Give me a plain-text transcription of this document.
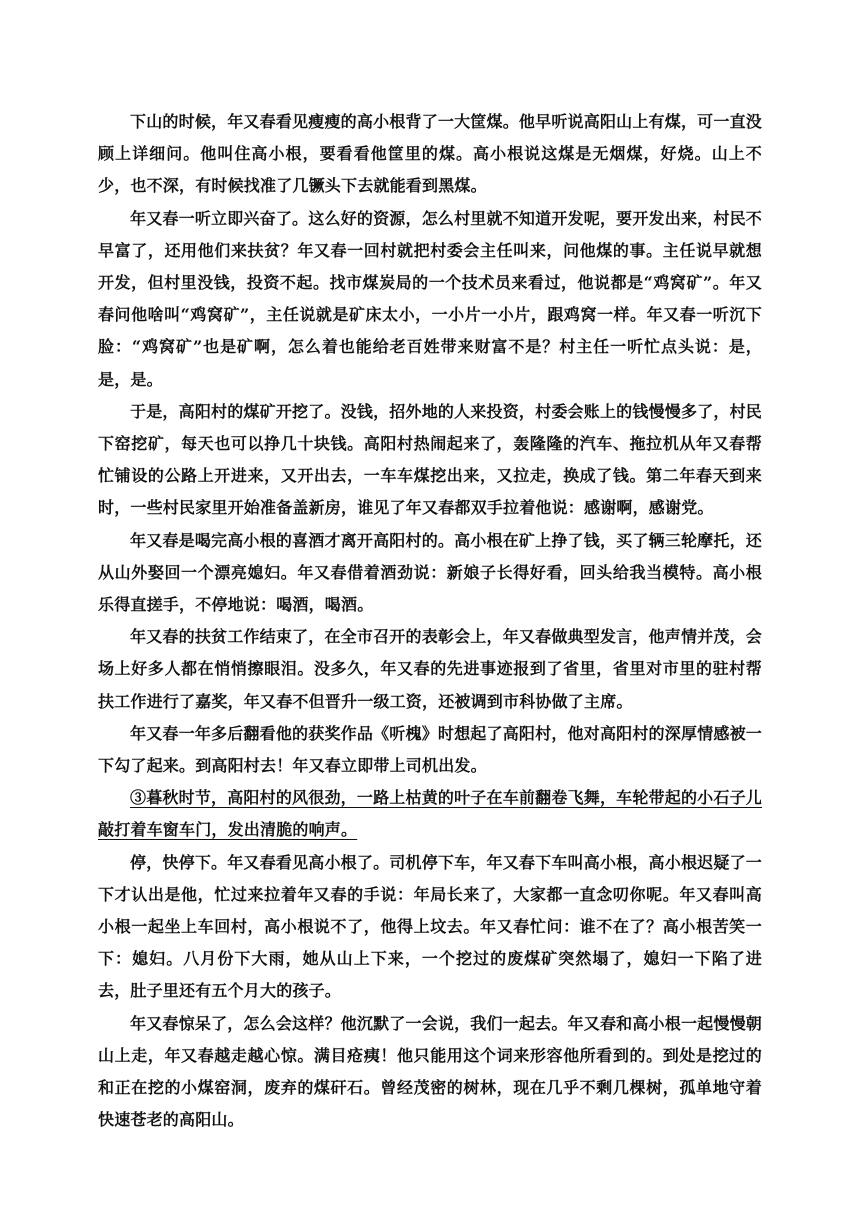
下山的时候，年又春看见瘦瘦的高小根背了一大筐煤。他早听说高阳山上有煤，可一直没顾上详细问。他叫住高小根，要看看他筐里的煤。高小根说这煤是无烟煤，好烧。山上不少，也不深，有时候找准了几镢头下去就能看到黑煤。

年又春一听立即兴奋了。这么好的资源，怎么村里就不知道开发呢，要开发出来，村民不早富了，还用他们来扶贫？年又春一回村就把村委会主任叫来，问他煤的事。主任说早就想开发，但村里没钱，投资不起。找市煤炭局的一个技术员来看过，他说都是“鸡窝矿”。年又春问他啥叫“鸡窝矿”，主任说就是矿床太小，一小片一小片，跟鸡窝一样。年又春一听沉下脸：“鸡窝矿”也是矿啊，怎么着也能给老百姓带来财富不是？村主任一听忙点头说：是，是，是。

于是，高阳村的煤矿开挖了。没钱，招外地的人来投资，村委会账上的钱慢慢多了，村民下窑挖矿，每天也可以挣几十块钱。高阳村热闹起来了，轰隆隆的汽车、拖拉机从年又春帮忙铺设的公路上开进来，又开出去，一车车煤挖出来，又拉走，换成了钱。第二年春天到来时，一些村民家里开始准备盖新房，谁见了年又春都双手拉着他说：感谢啊，感谢党。

年又春是喝完高小根的喜酒才离开高阳村的。高小根在矿上挣了钱，买了辆三轮摩托，还从山外娶回一个漂亮媳妇。年又春借着酒劲说：新娘子长得好看，回头给我当模特。高小根乐得直搓手，不停地说：喝酒，喝酒。

年又春的扶贫工作结束了，在全市召开的表彰会上，年又春做典型发言，他声情并茂，会场上好多人都在悄悄擦眼泪。没多久，年又春的先进事迹报到了省里，省里对市里的驻村帮扶工作进行了嘉奖，年又春不但晋升一级工资，还被调到市科协做了主席。

年又春一年多后翻看他的获奖作品《听槐》时想起了高阳村，他对高阳村的深厚情感被一下勾了起来。到高阳村去！年又春立即带上司机出发。

③暮秋时节，高阳村的风很劲，一路上枯黄的叶子在车前翻卷飞舞，车轮带起的小石子儿敲打着车窗车门，发出清脆的响声。

停，快停下。年又春看见高小根了。司机停下车，年又春下车叫高小根，高小根迟疑了一下才认出是他，忙过来拉着年又春的手说：年局长来了，大家都一直念叨你呢。年又春叫高小根一起坐上车回村，高小根说不了，他得上坟去。年又春忙问：谁不在了？高小根苦笑一下：媳妇。八月份下大雨，她从山上下来，一个挖过的废煤矿突然塌了，媳妇一下陷了进去，肚子里还有五个月大的孩子。

年又春惊呆了，怎么会这样？他沉默了一会说，我们一起去。年又春和高小根一起慢慢朝山上走，年又春越走越心惊。满目疮痍！他只能用这个词来形容他所看到的。到处是挖过的和正在挖的小煤窑洞，废弃的煤矸石。曾经茂密的树林，现在几乎不剩几棵树，孤单地守着快速苍老的高阳山。
